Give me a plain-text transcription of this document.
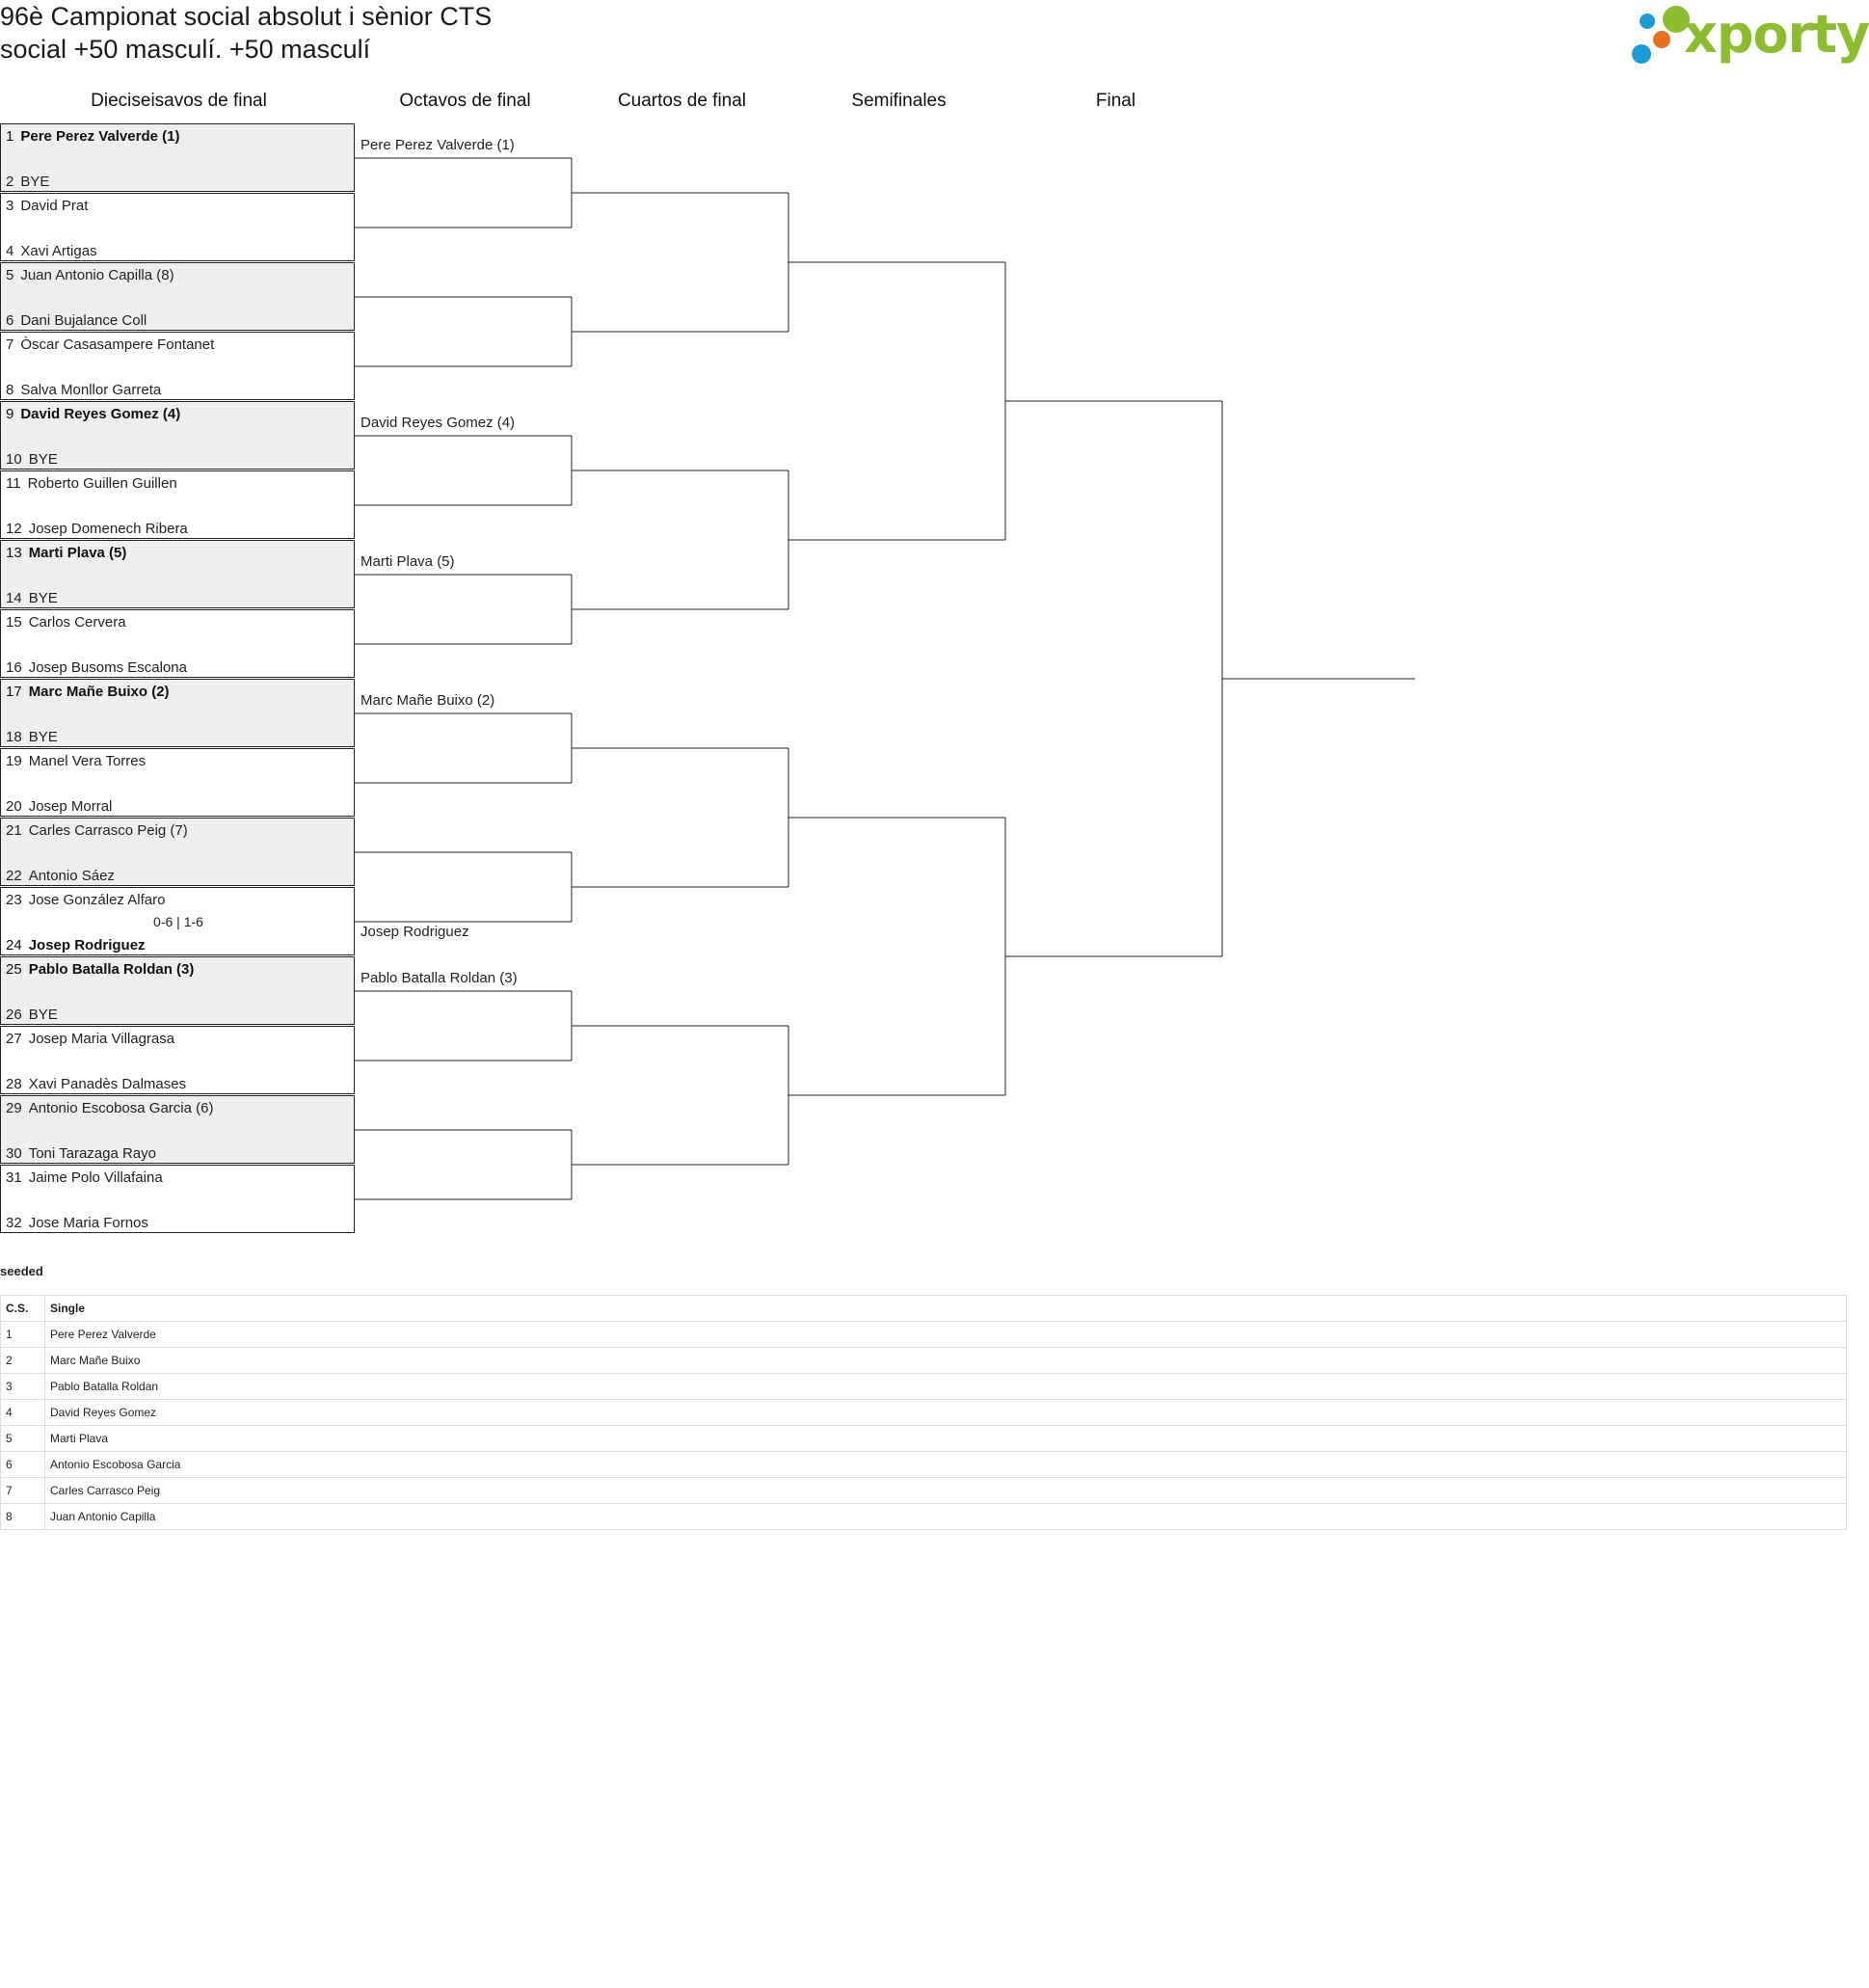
96è Campionat social absolut i sènior CTS
social +50 masculí. +50 masculí	xporty
Dieciseisavos de final	Octavos de final	Cuartos de final	Semifinales	Final
1 Pere Perez Valverde (1)
2 BYE
3 David Prat
4 Xavi Artigas
5 Juan Antonio Capilla (8)
6 Dani Bujalance Coll
7 Òscar Casasampere Fontanet
8 Salva Monllor Garreta
9 David Reyes Gomez (4)
10 BYE
11 Roberto Guillen Guillen
12 Josep Domenech Ribera
13 Marti Plava (5)
14 BYE
15 Carlos Cervera
16 Josep Busoms Escalona
17 Marc Mañe Buixo (2)
18 BYE
19 Manel Vera Torres
20 Josep Morral
21 Carles Carrasco Peig (7)
22 Antonio Sáez
23 Jose González Alfaro
24 Josep Rodriguez
0-6 | 1-6
25 Pablo Batalla Roldan (3)
26 BYE
27 Josep Maria Villagrasa
28 Xavi Panadès Dalmases
29 Antonio Escobosa Garcia (6)
30 Toni Tarazaga Rayo
31 Jaime Polo Villafaina
32 Jose Maria Fornos
Pere Perez Valverde (1)
David Reyes Gomez (4)
Marti Plava (5)
Marc Mañe Buixo (2)
Josep Rodriguez
Pablo Batalla Roldan (3)
seeded
C.S.	Single
1	Pere Perez Valverde
2	Marc Mañe Buixo
3	Pablo Batalla Roldan
4	David Reyes Gomez
5	Marti Plava
6	Antonio Escobosa Garcia
7	Carles Carrasco Peig
8	Juan Antonio Capilla
